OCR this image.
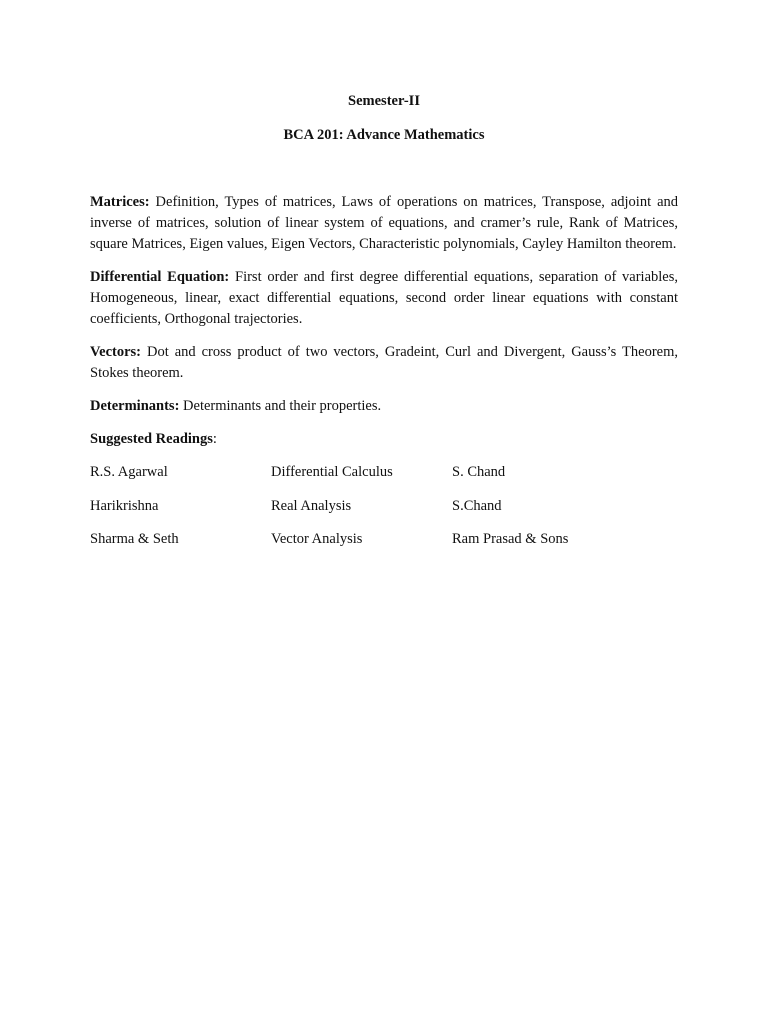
Semester-II
BCA 201: Advance Mathematics

Matrices: Definition, Types of matrices, Laws of operations on matrices, Transpose, adjoint and inverse of matrices, solution of linear system of equations, and cramer’s rule, Rank of Matrices, square Matrices, Eigen values, Eigen Vectors, Characteristic polynomials, Cayley Hamilton theorem.

Differential Equation: First order and first degree differential equations, separation of variables, Homogeneous, linear, exact differential equations, second order linear equations with constant coefficients, Orthogonal trajectories.

Vectors: Dot and cross product of two vectors, Gradeint, Curl and Divergent, Gauss’s Theorem, Stokes theorem.

Determinants: Determinants and their properties.

Suggested Readings:
R.S. Agarwal	Differential Calculus	S. Chand
Harikrishna	Real Analysis	S.Chand
Sharma & Seth	Vector Analysis	Ram Prasad & Sons
